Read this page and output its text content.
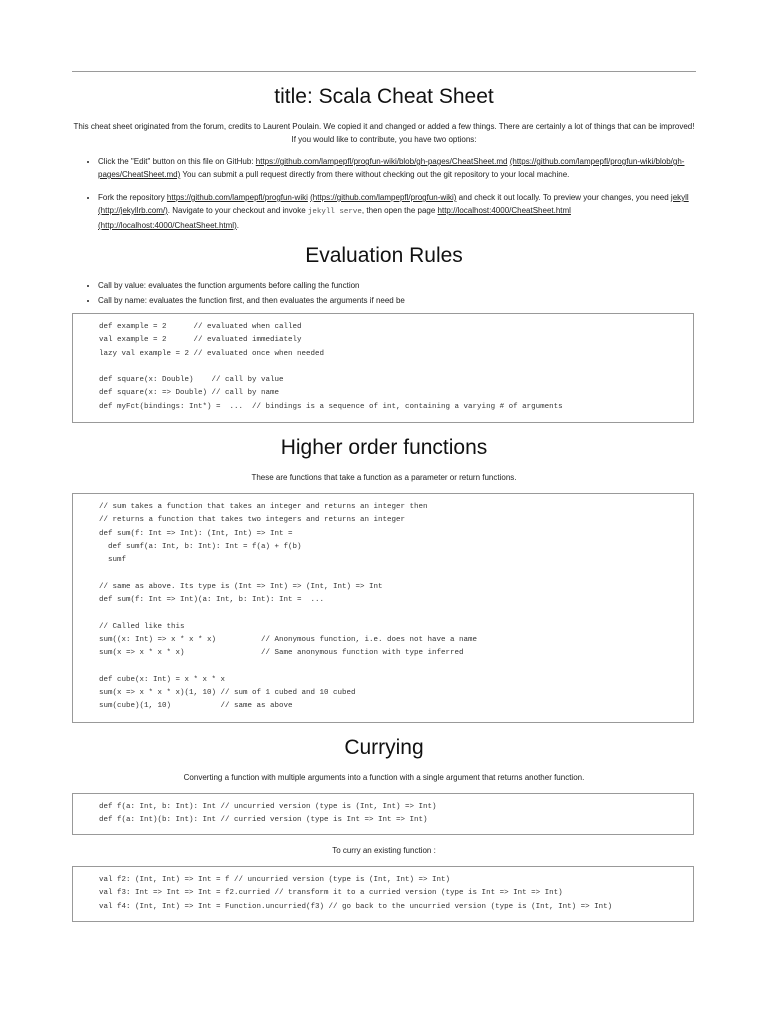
title: Scala Cheat Sheet

This cheat sheet originated from the forum, credits to Laurent Poulain. We copied it and changed or added a few things. There are certainly a lot of things that can be improved! If you would like to contribute, you have two options:

• Click the "Edit" button on this file on GitHub: https://github.com/lampepfl/progfun-wiki/blob/gh-pages/CheatSheet.md (https://github.com/lampepfl/progfun-wiki/blob/gh-pages/CheatSheet.md) You can submit a pull request directly from there without checking out the git repository to your local machine.
• Fork the repository https://github.com/lampepfl/progfun-wiki (https://github.com/lampepfl/progfun-wiki) and check it out locally. To preview your changes, you need jekyll (http://jekyllrb.com/). Navigate to your checkout and invoke jekyll serve, then open the page http://localhost:4000/CheatSheet.html (http://localhost:4000/CheatSheet.html).
Evaluation Rules
• Call by value: evaluates the function arguments before calling the function
• Call by name: evaluates the function first, and then evaluates the arguments if need be
def example = 2      // evaluated when called
val example = 2      // evaluated immediately
lazy val example = 2 // evaluated once when needed

def square(x: Double)    // call by value
def square(x: => Double) // call by name
def myFct(bindings: Int*) =  ...  // bindings is a sequence of int, containing a varying # of arguments
Higher order functions

These are functions that take a function as a parameter or return functions.

// sum takes a function that takes an integer and returns an integer then
// returns a function that takes two integers and returns an integer
def sum(f: Int => Int): (Int, Int) => Int =
def sumf(a: Int, b: Int): Int = f(a) + f(b)
sumf

// same as above. Its type is (Int => Int) => (Int, Int) => Int
def sum(f: Int => Int)(a: Int, b: Int): Int =  ...

// Called like this
sum((x: Int) => x * x * x)          // Anonymous function, i.e. does not have a name
sum(x => x * x * x)                 // Same anonymous function with type inferred

def cube(x: Int) = x * x * x
sum(x => x * x * x)(1, 10) // sum of 1 cubed and 10 cubed
sum(cube)(1, 10)           // same as above
Currying

Converting a function with multiple arguments into a function with a single argument that returns another function.

def f(a: Int, b: Int): Int // uncurried version (type is (Int, Int) => Int)
def f(a: Int)(b: Int): Int // curried version (type is Int => Int => Int)

To curry an existing function :

val f2: (Int, Int) => Int = f // uncurried version (type is (Int, Int) => Int)
val f3: Int => Int => Int = f2.curried // transform it to a curried version (type is Int => Int => Int)
val f4: (Int, Int) => Int = Function.uncurried(f3) // go back to the uncurried version (type is (Int, Int) => Int)
